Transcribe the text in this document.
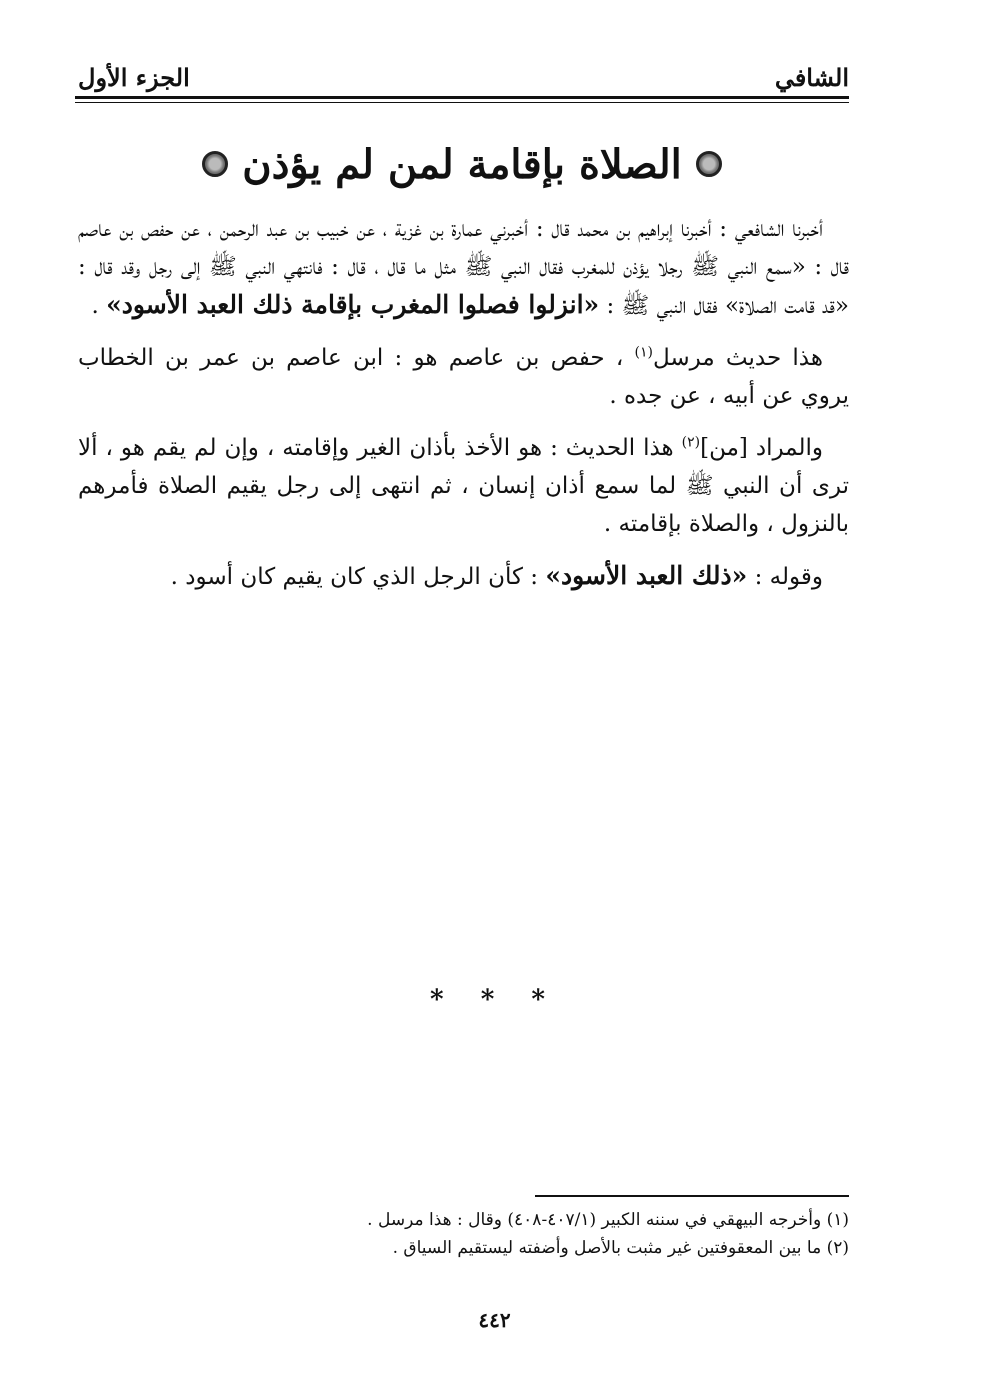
الشافي
الجزء الأول
الصلاة بإقامة لمن لم يؤذن

أخبرنا الشافعي : أخبرنا إبراهيم بن محمد قال : أخبرني عمارة بن غزية ، عن خبيب بن عبد الرحمن ، عن حفص بن عاصم قال : «سمع النبي ﷺ رجلا يؤذن للمغرب فقال النبي ﷺ مثل ما قال ، قال : فانتهي النبي ﷺ إلى رجل وقد قال : «قد قامت الصلاة» فقال النبي ﷺ : «انزلوا فصلوا المغرب بإقامة ذلك العبد الأسود» .

هذا حديث مرسل$^{(١)}$ ، حفص بن عاصم هو : ابن عاصم بن عمر بن الخطاب يروي عن أبيه ، عن جده .

والمراد [من]$^{(٢)}$ هذا الحديث : هو الأخذ بأذان الغير وإقامته ، وإن لم يقم هو ، ألا ترى أن النبي ﷺ لما سمع أذان إنسان ، ثم انتهى إلى رجل يقيم الصلاة فأمرهم بالنزول ، والصلاة بإقامته .

وقوله : «ذلك العبد الأسود» : كأن الرجل الذي كان يقيم كان أسود .

* * *
(١) وأخرجه البيهقي في سننه الكبير (٤٠٧/١-٤٠٨) وقال : هذا مرسل .
(٢) ما بين المعقوفتين غير مثبت بالأصل وأضفته ليستقيم السياق .
٤٤٢
